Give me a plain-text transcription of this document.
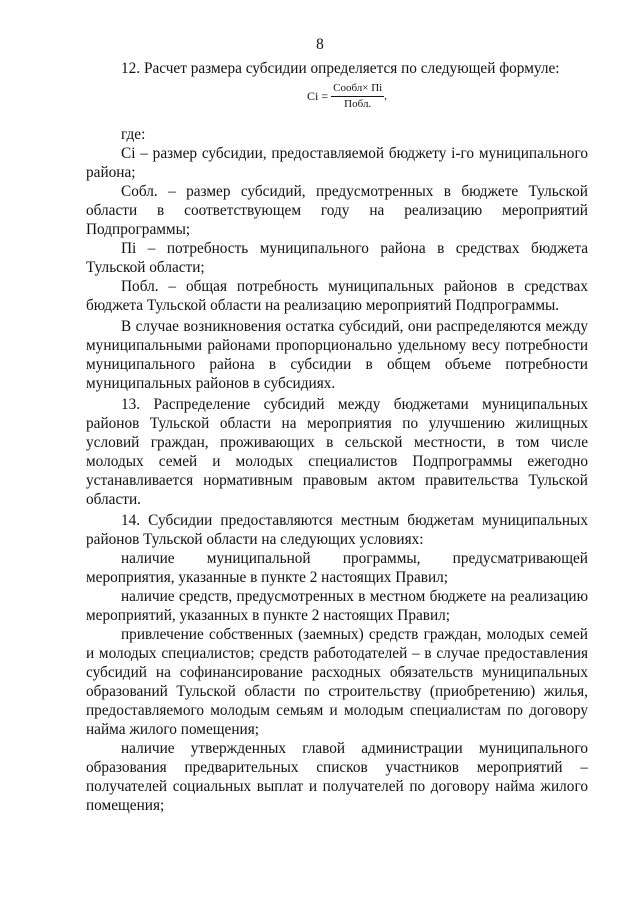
8

12. Расчет размера субсидии определяется по следующей формуле:

$Ci = \frac{\text{Cообл× Пi}}{\text{Побл.}}$ ,

где:

Ci – размер субсидии, предоставляемой бюджету i-го муниципального района;

Cобл. – размер субсидий, предусмотренных в бюджете Тульской области в соответствующем году на реализацию мероприятий Подпрограммы;

Пi – потребность муниципального района в средствах бюджета Тульской области;

Побл. – общая потребность муниципальных районов в средствах бюджета Тульской области на реализацию мероприятий Подпрограммы.

В случае возникновения остатка субсидий, они распределяются между муниципальными районами пропорционально удельному весу потребности муниципального района в субсидии в общем объеме потребности муниципальных районов в субсидиях.

13. Распределение субсидий между бюджетами муниципальных районов Тульской области на мероприятия по улучшению жилищных условий граждан, проживающих в сельской местности, в том числе молодых семей и молодых специалистов Подпрограммы ежегодно устанавливается нормативным правовым актом правительства Тульской области.

14. Субсидии предоставляются местным бюджетам муниципальных районов Тульской области на следующих условиях:

наличие муниципальной программы, предусматривающей мероприятия, указанные в пункте 2 настоящих Правил;

наличие средств, предусмотренных в местном бюджете на реализацию мероприятий, указанных в пункте 2 настоящих Правил;

привлечение собственных (заемных) средств граждан, молодых семей и молодых специалистов; средств работодателей – в случае предоставления субсидий на софинансирование расходных обязательств муниципальных образований Тульской области по строительству (приобретению) жилья, предоставляемого молодым семьям и молодым специалистам по договору найма жилого помещения;

наличие утвержденных главой администрации муниципального образования предварительных списков участников мероприятий – получателей социальных выплат и получателей по договору найма жилого помещения;
